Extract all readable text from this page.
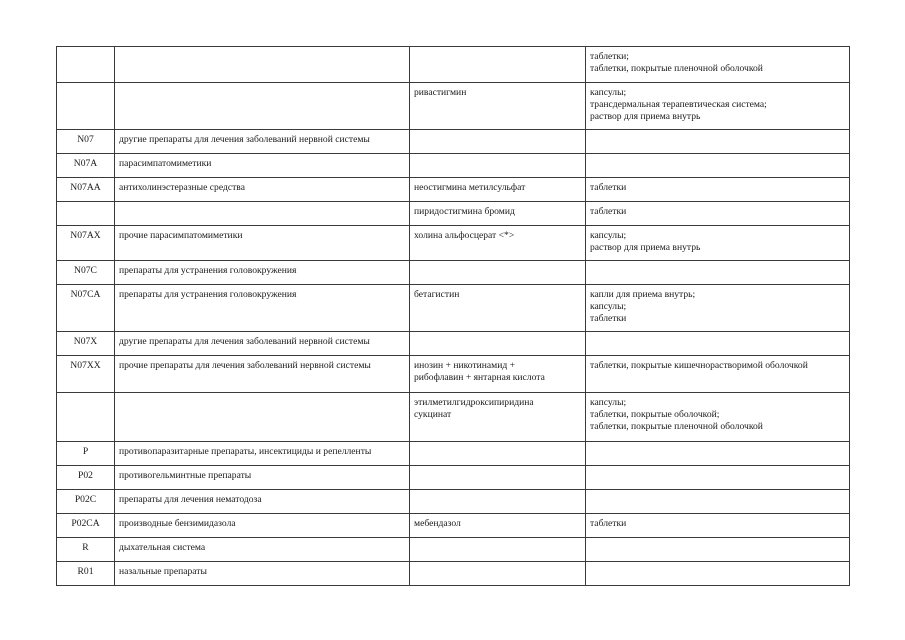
			таблетки;
таблетки, покрытые пленочной оболочкой
		ривастигмин	капсулы;
трансдермальная терапевтическая система;
раствор для приема внутрь
N07	другие препараты для лечения заболеваний нервной системы		
N07A	парасимпатомиметики		
N07AA	антихолинэстеразные средства	неостигмина метилсульфат	таблетки
		пиридостигмина бромид	таблетки
N07AX	прочие парасимпатомиметики	холина альфосцерат <*>	капсулы;
раствор для приема внутрь
N07C	препараты для устранения головокружения		
N07CA	препараты для устранения головокружения	бетагистин	капли для приема внутрь;
капсулы;
таблетки
N07X	другие препараты для лечения заболеваний нервной системы		
N07XX	прочие препараты для лечения заболеваний нервной системы	инозин + никотинамид +
рибофлавин + янтарная кислота	таблетки, покрытые кишечнорастворимой оболочкой
		этилметилгидроксипиридина
сукцинат	капсулы;
таблетки, покрытые оболочкой;
таблетки, покрытые пленочной оболочкой
P	противопаразитарные препараты, инсектициды и репелленты		
P02	противогельминтные препараты		
P02C	препараты для лечения нематодоза		
P02CA	производные бензимидазола	мебендазол	таблетки
R	дыхательная система		
R01	назальные препараты		
